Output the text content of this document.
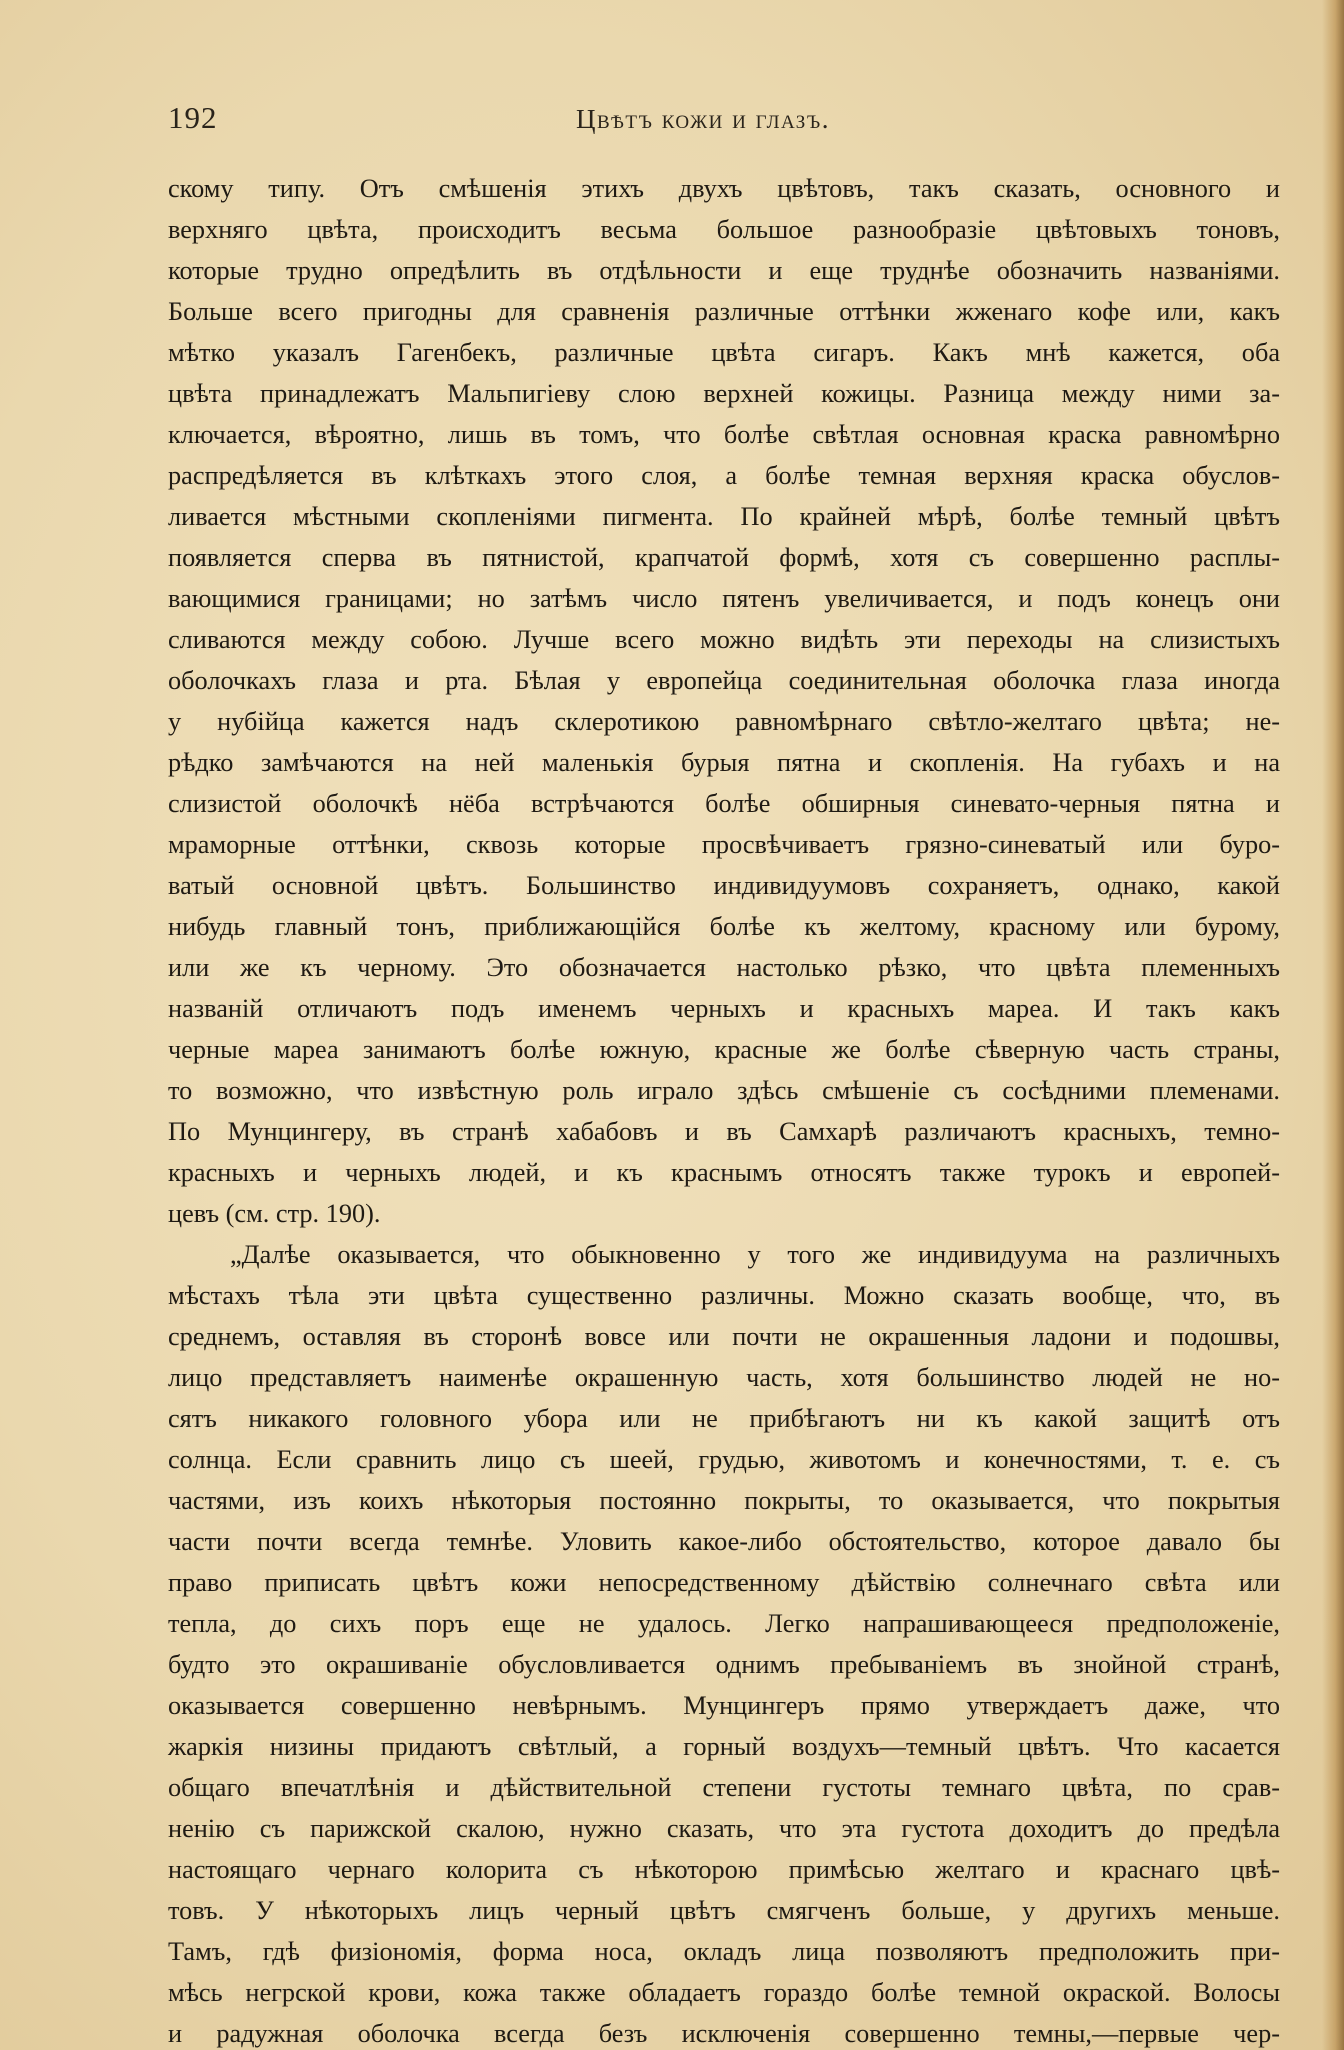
192	Цвѣтъ кожи и глазъ.
скому типу. Отъ смѣшенія этихъ двухъ цвѣтовъ, такъ сказать, основного и
верхняго цвѣта, происходитъ весьма большое разнообразіе цвѣтовыхъ тоновъ,
которые трудно опредѣлить въ отдѣльности и еще труднѣе обозначить названіями.
Больше всего пригодны для сравненія различные оттѣнки жженаго кофе или, какъ
мѣтко указалъ Гагенбекъ, различные цвѣта сигаръ. Какъ мнѣ кажется, оба
цвѣта принадлежатъ Мальпигіеву слою верхней кожицы. Разница между ними за-
ключается, вѣроятно, лишь въ томъ, что болѣе свѣтлая основная краска равномѣрно
распредѣляется въ клѣткахъ этого слоя, а болѣе темная верхняя краска обуслов-
ливается мѣстными скопленіями пигмента. По крайней мѣрѣ, болѣе темный цвѣтъ
появляется сперва въ пятнистой, крапчатой формѣ, хотя съ совершенно расплы-
вающимися границами; но затѣмъ число пятенъ увеличивается, и подъ конецъ они
сливаются между собою. Лучше всего можно видѣть эти переходы на слизистыхъ
оболочкахъ глаза и рта. Бѣлая у европейца соединительная оболочка глаза иногда
у нубійца кажется надъ склеротикою равномѣрнаго свѣтло-желтаго цвѣта; не-
рѣдко замѣчаются на ней маленькія бурыя пятна и скопленія. На губахъ и на
слизистой оболочкѣ нёба встрѣчаются болѣе обширныя синевато-черныя пятна и
мраморные оттѣнки, сквозь которые просвѣчиваетъ грязно-синеватый или буро-
ватый основной цвѣтъ. Большинство индивидуумовъ сохраняетъ, однако, какой
нибудь главный тонъ, приближающійся болѣе къ желтому, красному или бурому,
или же къ черному. Это обозначается настолько рѣзко, что цвѣта племенныхъ
названій отличаютъ подъ именемъ черныхъ и красныхъ мареа. И такъ какъ
черные мареа занимаютъ болѣе южную, красные же болѣе сѣверную часть страны,
то возможно, что извѣстную роль играло здѣсь смѣшеніе съ сосѣдними племенами.
По Мунцингеру, въ странѣ хабабовъ и въ Самхарѣ различаютъ красныхъ, темно-
красныхъ и черныхъ людей, и къ краснымъ относятъ также турокъ и европей-
цевъ (см. стр. 190).
„Далѣе оказывается, что обыкновенно у того же индивидуума на различныхъ
мѣстахъ тѣла эти цвѣта существенно различны. Можно сказать вообще, что, въ
среднемъ, оставляя въ сторонѣ вовсе или почти не окрашенныя ладони и подошвы,
лицо представляетъ наименѣе окрашенную часть, хотя большинство людей не но-
сятъ никакого головного убора или не прибѣгаютъ ни къ какой защитѣ отъ
солнца. Если сравнить лицо съ шеей, грудью, животомъ и конечностями, т. е. съ
частями, изъ коихъ нѣкоторыя постоянно покрыты, то оказывается, что покрытыя
части почти всегда темнѣе. Уловить какое-либо обстоятельство, которое давало бы
право приписать цвѣтъ кожи непосредственному дѣйствію солнечнаго свѣта или
тепла, до сихъ поръ еще не удалось. Легко напрашивающееся предположеніе,
будто это окрашиваніе обусловливается однимъ пребываніемъ въ знойной странѣ,
оказывается совершенно невѣрнымъ. Мунцингеръ прямо утверждаетъ даже, что
жаркія низины придаютъ свѣтлый, а горный воздухъ—темный цвѣтъ. Что касается
общаго впечатлѣнія и дѣйствительной степени густоты темнаго цвѣта, по срав-
ненію съ парижской скалою, нужно сказать, что эта густота доходитъ до предѣла
настоящаго чернаго колорита съ нѣкоторою примѣсью желтаго и краснаго цвѣ-
товъ. У нѣкоторыхъ лицъ черный цвѣтъ смягченъ больше, у другихъ меньше.
Тамъ, гдѣ физіономія, форма носа, окладъ лица позволяютъ предположить при-
мѣсь негрской крови, кожа также обладаетъ гораздо болѣе темной окраской. Волосы
и радужная оболочка всегда безъ исключенія совершенно темны,—первые чер-
